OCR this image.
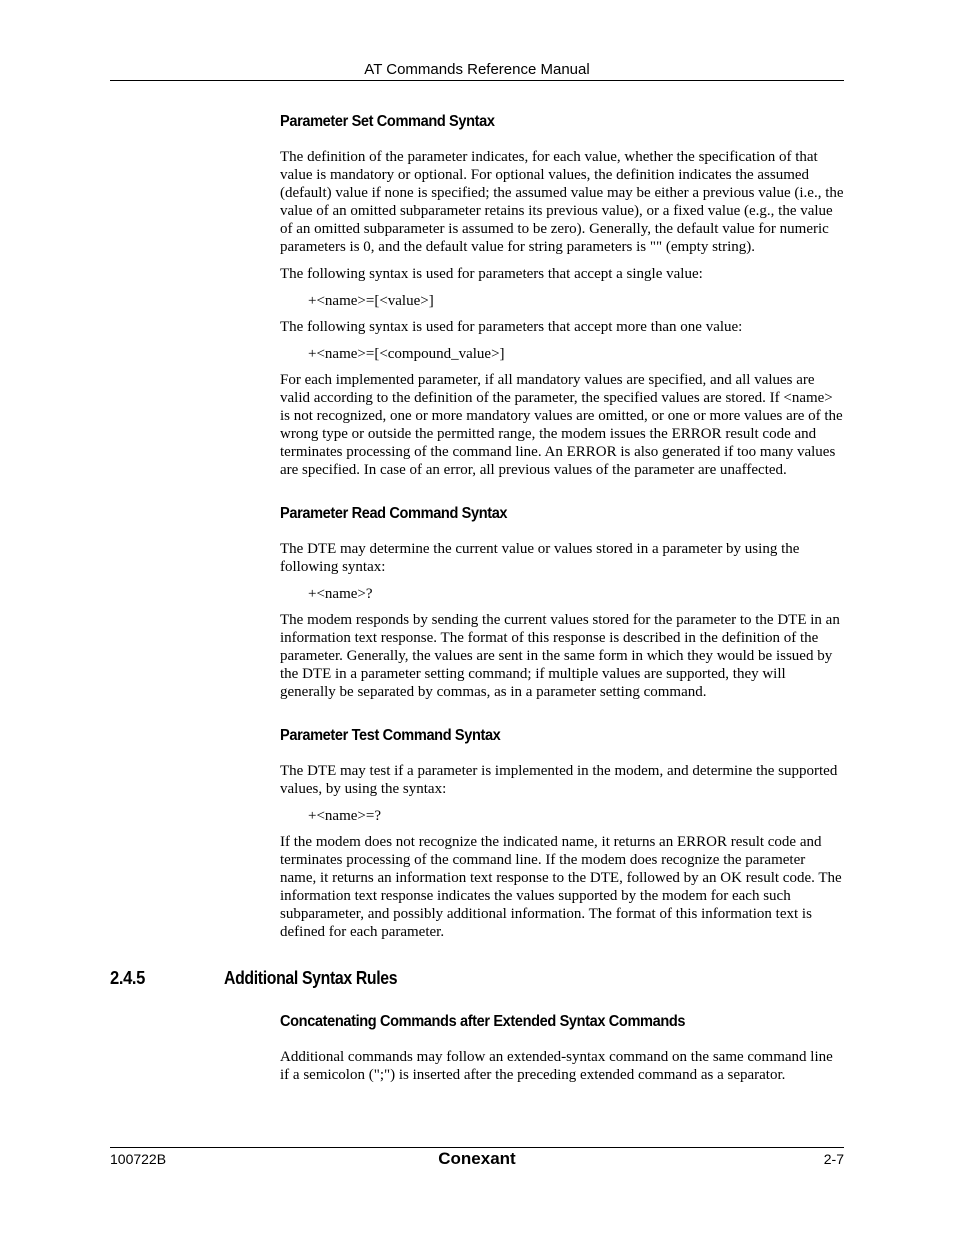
AT Commands Reference Manual
Parameter Set Command Syntax

The definition of the parameter indicates, for each value, whether the specification of that value is mandatory or optional. For optional values, the definition indicates the assumed (default) value if none is specified; the assumed value may be either a previous value (i.e., the value of an omitted subparameter retains its previous value), or a fixed value (e.g., the value of an omitted subparameter is assumed to be zero). Generally, the default value for numeric parameters is 0, and the default value for string parameters is "" (empty string).

The following syntax is used for parameters that accept a single value:

+<name>=[<value>]

The following syntax is used for parameters that accept more than one value:

+<name>=[<compound_value>]

For each implemented parameter, if all mandatory values are specified, and all values are valid according to the definition of the parameter, the specified values are stored. If <name> is not recognized, one or more mandatory values are omitted, or one or more values are of the wrong type or outside the permitted range, the modem issues the ERROR result code and terminates processing of the command line. An ERROR is also generated if too many values are specified. In case of an error, all previous values of the parameter are unaffected.

Parameter Read Command Syntax

The DTE may determine the current value or values stored in a parameter by using the following syntax:

+<name>?

The modem responds by sending the current values stored for the parameter to the DTE in an information text response. The format of this response is described in the definition of the parameter. Generally, the values are sent in the same form in which they would be issued by the DTE in a parameter setting command; if multiple values are supported, they will generally be separated by commas, as in a parameter setting command.

Parameter Test Command Syntax

The DTE may test if a parameter is implemented in the modem, and determine the supported values, by using the syntax:

+<name>=?

If the modem does not recognize the indicated name, it returns an ERROR result code and terminates processing of the command line. If the modem does recognize the parameter name, it returns an information text response to the DTE, followed by an OK result code. The information text response indicates the values supported by the modem for each such subparameter, and possibly additional information. The format of this information text is defined for each parameter.

2.4.5	Additional Syntax Rules
Concatenating Commands after Extended Syntax Commands

Additional commands may follow an extended-syntax command on the same command line if a semicolon (";") is inserted after the preceding extended command as a separator.

100722B	Conexant	2-7
